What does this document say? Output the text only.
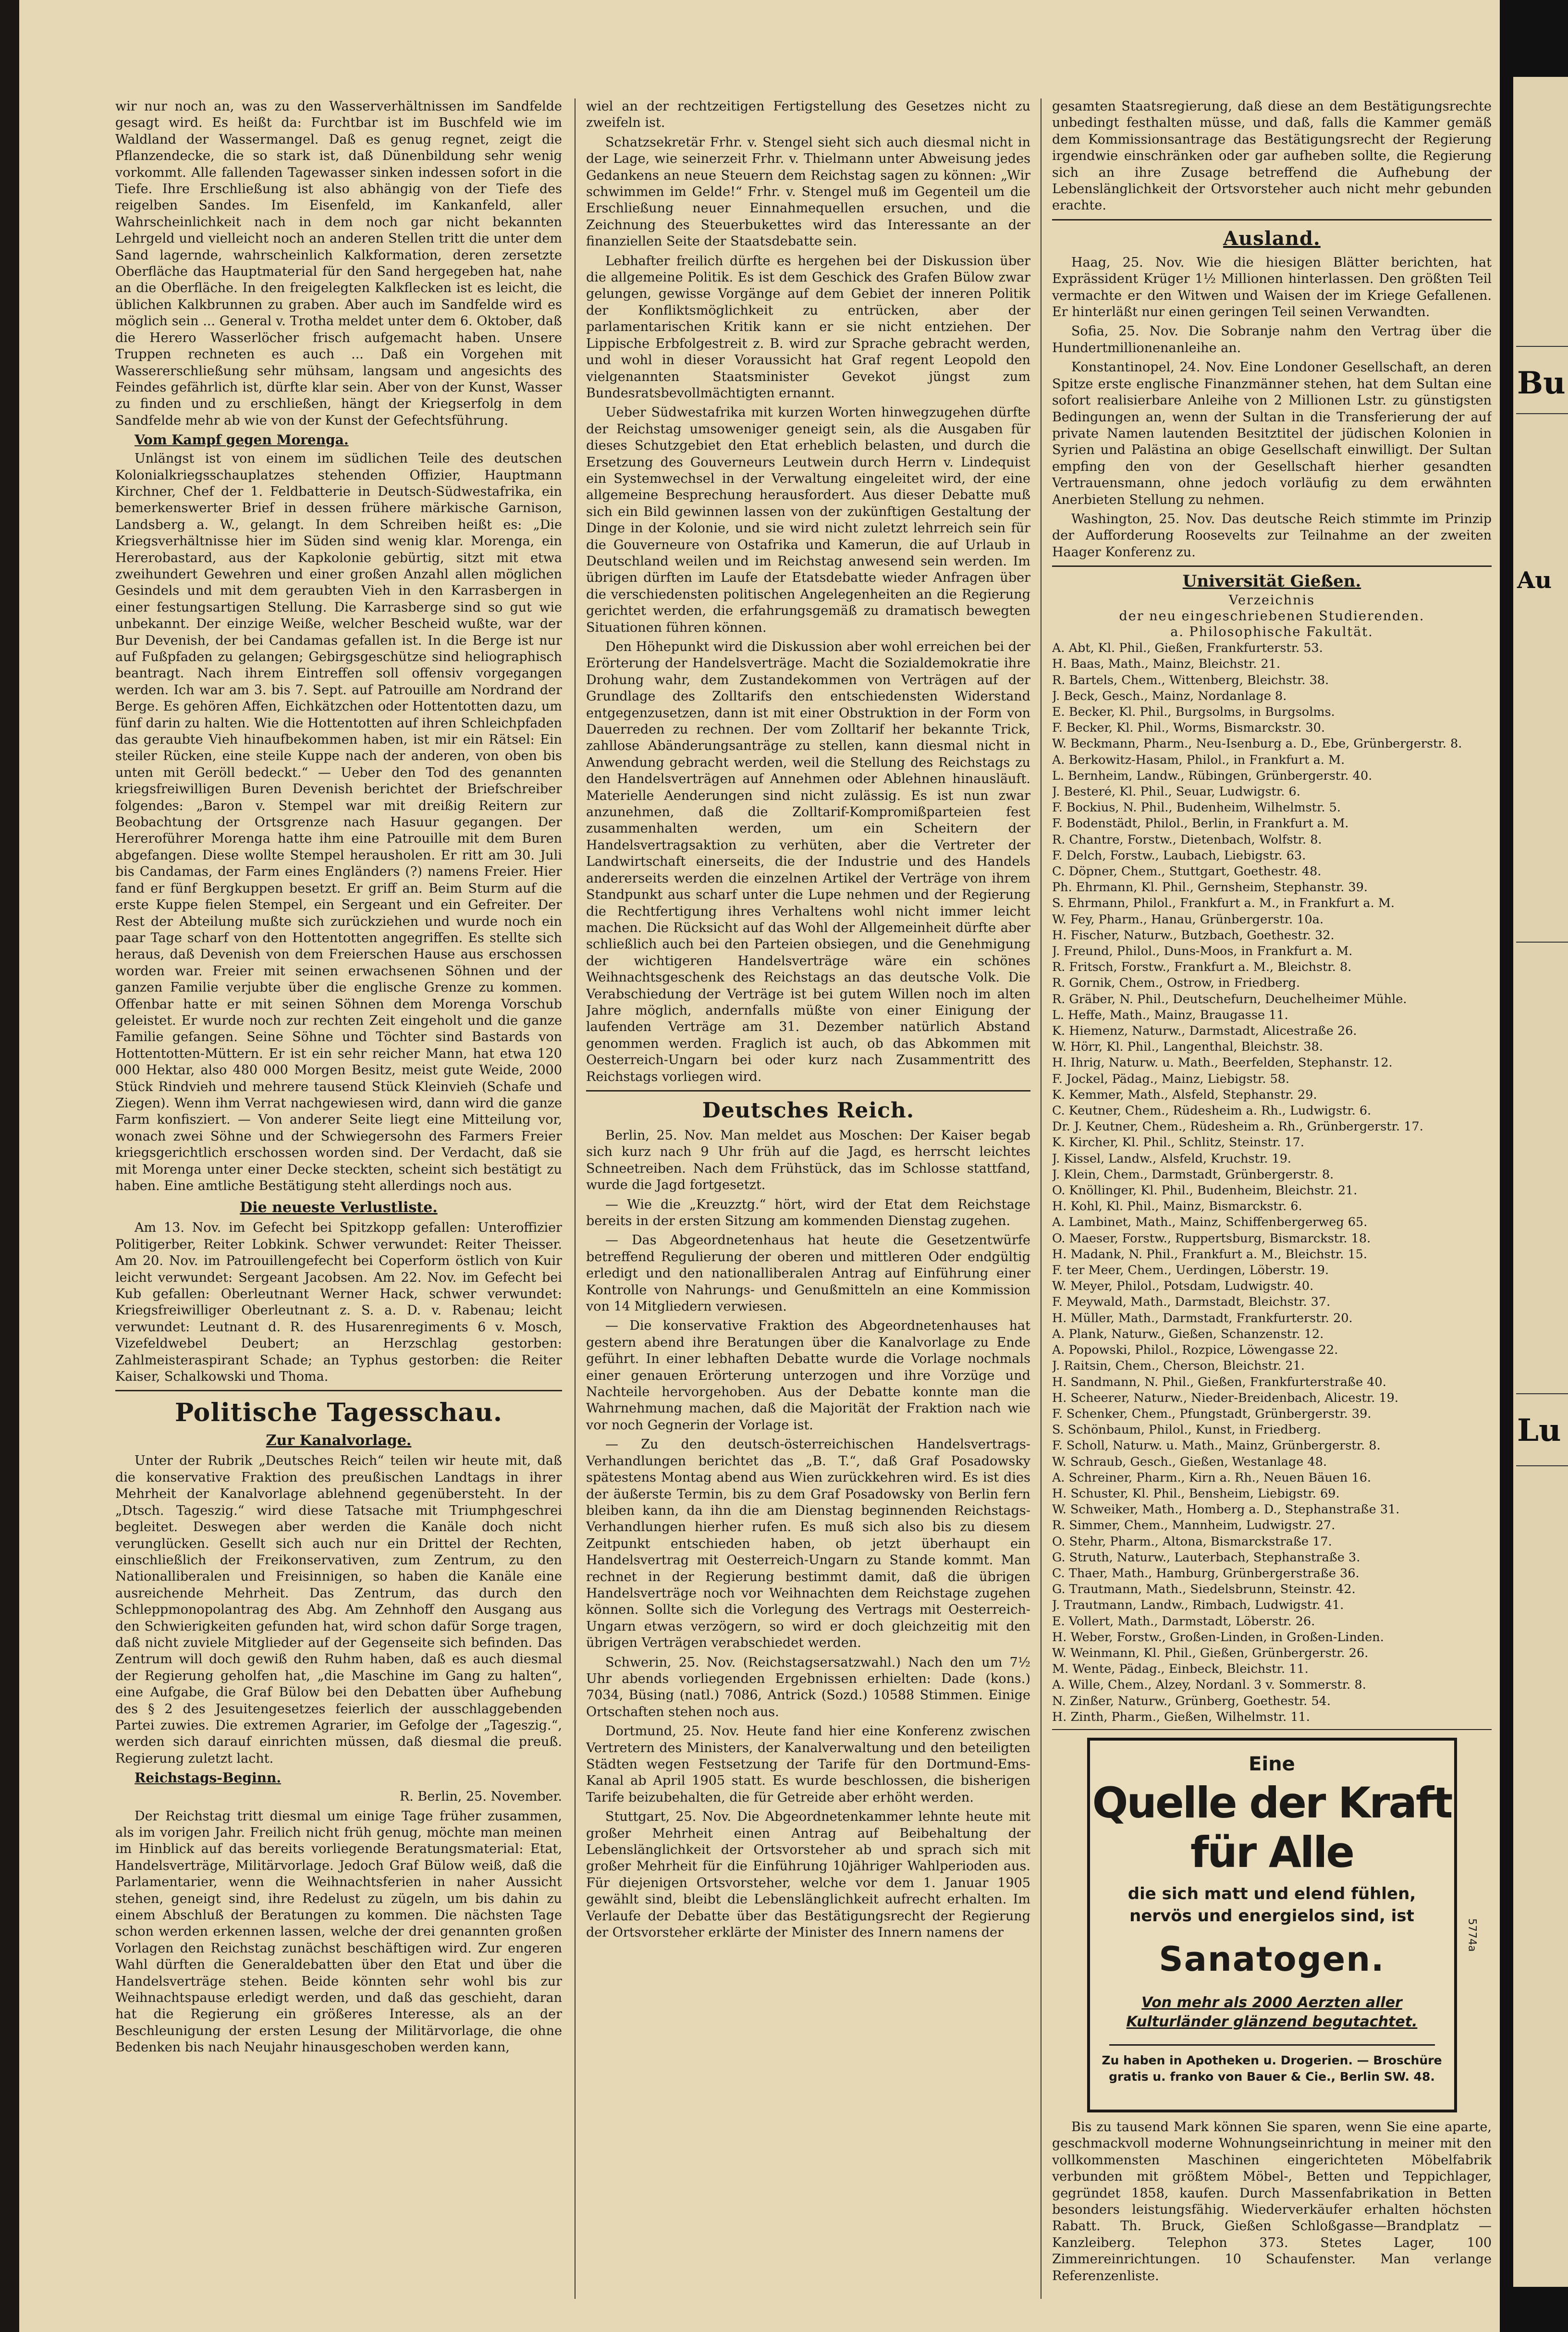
wir nur noch an, was zu den Wasserverhältnissen im Sandfelde gesagt wird. Es heißt da: Furchtbar ist im Buschfeld wie im Waldland der Wassermangel. Daß es genug regnet, zeigt die Pflanzendecke, die so stark ist, daß Dünenbildung sehr wenig vorkommt. Alle fallenden Tagewasser sinken indessen sofort in die Tiefe. Ihre Erschließung ist also abhängig von der Tiefe des reigelben Sandes. Im Eisenfeld, im Kankanfeld, aller Wahrscheinlichkeit nach in dem noch gar nicht bekannten Lehrgeld und vielleicht noch an anderen Stellen tritt die unter dem Sand lagernde, wahrscheinlich Kalkformation, deren zersetzte Oberfläche das Hauptmaterial für den Sand hergegeben hat, nahe an die Oberfläche. In den freigelegten Kalkflecken ist es leicht, die üblichen Kalkbrunnen zu graben. Aber auch im Sandfelde wird es möglich sein ... General v. Trotha meldet unter dem 6. Oktober, daß die Herero Wasserlöcher frisch aufgemacht haben. Unsere Truppen rechneten es auch ... Daß ein Vorgehen mit Wassererschließung sehr mühsam, langsam und angesichts des Feindes gefährlich ist, dürfte klar sein. Aber von der Kunst, Wasser zu finden und zu erschließen, hängt der Kriegserfolg in dem Sandfelde mehr ab wie von der Kunst der Gefechtsführung.

Vom Kampf gegen Morenga.

Unlängst ist von einem im südlichen Teile des deutschen Kolonialkriegsschauplatzes stehenden Offizier, Hauptmann Kirchner, Chef der 1. Feldbatterie in Deutsch-Südwestafrika, ein bemerkenswerter Brief in dessen frühere märkische Garnison, Landsberg a. W., gelangt. In dem Schreiben heißt es: „Die Kriegsverhältnisse hier im Süden sind wenig klar. Morenga, ein Hererobastard, aus der Kapkolonie gebürtig, sitzt mit etwa zweihundert Gewehren und einer großen Anzahl allen möglichen Gesindels und mit dem geraubten Vieh in den Karrasbergen in einer festungsartigen Stellung. Die Karrasberge sind so gut wie unbekannt. Der einzige Weiße, welcher Bescheid wußte, war der Bur Devenish, der bei Candamas gefallen ist. In die Berge ist nur auf Fußpfaden zu gelangen; Gebirgsgeschütze sind heliographisch beantragt. Nach ihrem Eintreffen soll offensiv vorgegangen werden. Ich war am 3. bis 7. Sept. auf Patrouille am Nordrand der Berge. Es gehören Affen, Eichkätzchen oder Hottentotten dazu, um fünf darin zu halten. Wie die Hottentotten auf ihren Schleichpfaden das geraubte Vieh hinaufbekommen haben, ist mir ein Rätsel: Ein steiler Rücken, eine steile Kuppe nach der anderen, von oben bis unten mit Geröll bedeckt.“ — Ueber den Tod des genannten kriegsfreiwilligen Buren Devenish berichtet der Briefschreiber folgendes: „Baron v. Stempel war mit dreißig Reitern zur Beobachtung der Ortsgrenze nach Hasuur gegangen. Der Hereroführer Morenga hatte ihm eine Patrouille mit dem Buren abgefangen. Diese wollte Stempel herausholen. Er ritt am 30. Juli bis Candamas, der Farm eines Engländers (?) namens Freier. Hier fand er fünf Bergkuppen besetzt. Er griff an. Beim Sturm auf die erste Kuppe fielen Stempel, ein Sergeant und ein Gefreiter. Der Rest der Abteilung mußte sich zurückziehen und wurde noch ein paar Tage scharf von den Hottentotten angegriffen. Es stellte sich heraus, daß Devenish von dem Freierschen Hause aus erschossen worden war. Freier mit seinen erwachsenen Söhnen und der ganzen Familie verjubte über die englische Grenze zu kommen. Offenbar hatte er mit seinen Söhnen dem Morenga Vorschub geleistet. Er wurde noch zur rechten Zeit eingeholt und die ganze Familie gefangen. Seine Söhne und Töchter sind Bastards von Hottentotten-Müttern. Er ist ein sehr reicher Mann, hat etwa 120 000 Hektar, also 480 000 Morgen Besitz, meist gute Weide, 2000 Stück Rindvieh und mehrere tausend Stück Kleinvieh (Schafe und Ziegen). Wenn ihm Verrat nachgewiesen wird, dann wird die ganze Farm konfisziert. — Von anderer Seite liegt eine Mitteilung vor, wonach zwei Söhne und der Schwiegersohn des Farmers Freier kriegsgerichtlich erschossen worden sind. Der Verdacht, daß sie mit Morenga unter einer Decke steckten, scheint sich bestätigt zu haben. Eine amtliche Bestätigung steht allerdings noch aus.

Die neueste Verlustliste.

Am 13. Nov. im Gefecht bei Spitzkopp gefallen: Unteroffizier Politigerber, Reiter Lobkink. Schwer verwundet: Reiter Theisser. Am 20. Nov. im Patrouillengefecht bei Coperform östlich von Kuir leicht verwundet: Sergeant Jacobsen. Am 22. Nov. im Gefecht bei Kub gefallen: Oberleutnant Werner Hack, schwer verwundet: Kriegsfreiwilliger Oberleutnant z. S. a. D. v. Rabenau; leicht verwundet: Leutnant d. R. des Husarenregiments 6 v. Mosch, Vizefeldwebel Deubert; an Herzschlag gestorben: Zahlmeisteraspirant Schade; an Typhus gestorben: die Reiter Kaiser, Schalkowski und Thoma.

Politische Tagesschau.
Zur Kanalvorlage.

Unter der Rubrik „Deutsches Reich“ teilen wir heute mit, daß die konservative Fraktion des preußischen Landtags in ihrer Mehrheit der Kanalvorlage ablehnend gegenübersteht. In der „Dtsch. Tageszig.“ wird diese Tatsache mit Triumphgeschrei begleitet. Deswegen aber werden die Kanäle doch nicht verunglücken. Gesellt sich auch nur ein Drittel der Rechten, einschließlich der Freikonservativen, zum Zentrum, zu den Nationalliberalen und Freisinnigen, so haben die Kanäle eine ausreichende Mehrheit. Das Zentrum, das durch den Schleppmonopolantrag des Abg. Am Zehnhoff den Ausgang aus den Schwierigkeiten gefunden hat, wird schon dafür Sorge tragen, daß nicht zuviele Mitglieder auf der Gegenseite sich befinden. Das Zentrum will doch gewiß den Ruhm haben, daß es auch diesmal der Regierung geholfen hat, „die Maschine im Gang zu halten“, eine Aufgabe, die Graf Bülow bei den Debatten über Aufhebung des § 2 des Jesuitengesetzes feierlich der ausschlaggebenden Partei zuwies. Die extremen Agrarier, im Gefolge der „Tageszig.“, werden sich darauf einrichten müssen, daß diesmal die preuß. Regierung zuletzt lacht.

Reichstags-Beginn.

R. Berlin, 25. November.

Der Reichstag tritt diesmal um einige Tage früher zusammen, als im vorigen Jahr. Freilich nicht früh genug, möchte man meinen im Hinblick auf das bereits vorliegende Beratungsmaterial: Etat, Handelsverträge, Militärvorlage. Jedoch Graf Bülow weiß, daß die Parlamentarier, wenn die Weihnachtsferien in naher Aussicht stehen, geneigt sind, ihre Redelust zu zügeln, um bis dahin zu einem Abschluß der Beratungen zu kommen. Die nächsten Tage schon werden erkennen lassen, welche der drei genannten großen Vorlagen den Reichstag zunächst beschäftigen wird. Zur engeren Wahl dürften die Generaldebatten über den Etat und über die Handelsverträge stehen. Beide könnten sehr wohl bis zur Weihnachtspause erledigt werden, und daß das geschieht, daran hat die Regierung ein größeres Interesse, als an der Beschleunigung der ersten Lesung der Militärvorlage, die ohne Bedenken bis nach Neujahr hinausgeschoben werden kann,

wiel an der rechtzeitigen Fertigstellung des Gesetzes nicht zu zweifeln ist.

Schatzsekretär Frhr. v. Stengel sieht sich auch diesmal nicht in der Lage, wie seinerzeit Frhr. v. Thielmann unter Abweisung jedes Gedankens an neue Steuern dem Reichstag sagen zu können: „Wir schwimmen im Gelde!“ Frhr. v. Stengel muß im Gegenteil um die Erschließung neuer Einnahmequellen ersuchen, und die Zeichnung des Steuerbukettes wird das Interessante an der finanziellen Seite der Staatsdebatte sein.

Lebhafter freilich dürfte es hergehen bei der Diskussion über die allgemeine Politik. Es ist dem Geschick des Grafen Bülow zwar gelungen, gewisse Vorgänge auf dem Gebiet der inneren Politik der Konfliktsmöglichkeit zu entrücken, aber der parlamentarischen Kritik kann er sie nicht entziehen. Der Lippische Erbfolgestreit z. B. wird zur Sprache gebracht werden, und wohl in dieser Voraussicht hat Graf regent Leopold den vielgenannten Staatsminister Gevekot jüngst zum Bundesratsbevollmächtigten ernannt.

Ueber Südwestafrika mit kurzen Worten hinwegzugehen dürfte der Reichstag umsoweniger geneigt sein, als die Ausgaben für dieses Schutzgebiet den Etat erheblich belasten, und durch die Ersetzung des Gouverneurs Leutwein durch Herrn v. Lindequist ein Systemwechsel in der Verwaltung eingeleitet wird, der eine allgemeine Besprechung herausfordert. Aus dieser Debatte muß sich ein Bild gewinnen lassen von der zukünftigen Gestaltung der Dinge in der Kolonie, und sie wird nicht zuletzt lehrreich sein für die Gouverneure von Ostafrika und Kamerun, die auf Urlaub in Deutschland weilen und im Reichstag anwesend sein werden. Im übrigen dürften im Laufe der Etatsdebatte wieder Anfragen über die verschiedensten politischen Angelegenheiten an die Regierung gerichtet werden, die erfahrungsgemäß zu dramatisch bewegten Situationen führen können.

Den Höhepunkt wird die Diskussion aber wohl erreichen bei der Erörterung der Handelsverträge. Macht die Sozialdemokratie ihre Drohung wahr, dem Zustandekommen von Verträgen auf der Grundlage des Zolltarifs den entschiedensten Widerstand entgegenzusetzen, dann ist mit einer Obstruktion in der Form von Dauerreden zu rechnen. Der vom Zolltarif her bekannte Trick, zahllose Abänderungsanträge zu stellen, kann diesmal nicht in Anwendung gebracht werden, weil die Stellung des Reichstags zu den Handelsverträgen auf Annehmen oder Ablehnen hinausläuft. Materielle Aenderungen sind nicht zulässig. Es ist nun zwar anzunehmen, daß die Zolltarif-Kompromißparteien fest zusammenhalten werden, um ein Scheitern der Handelsvertragsaktion zu verhüten, aber die Vertreter der Landwirtschaft einerseits, die der Industrie und des Handels andererseits werden die einzelnen Artikel der Verträge von ihrem Standpunkt aus scharf unter die Lupe nehmen und der Regierung die Rechtfertigung ihres Verhaltens wohl nicht immer leicht machen. Die Rücksicht auf das Wohl der Allgemeinheit dürfte aber schließlich auch bei den Parteien obsiegen, und die Genehmigung der wichtigeren Handelsverträge wäre ein schönes Weihnachtsgeschenk des Reichstags an das deutsche Volk. Die Verabschiedung der Verträge ist bei gutem Willen noch im alten Jahre möglich, andernfalls müßte von einer Einigung der laufenden Verträge am 31. Dezember natürlich Abstand genommen werden. Fraglich ist auch, ob das Abkommen mit Oesterreich-Ungarn bei oder kurz nach Zusammentritt des Reichstags vorliegen wird.

Deutsches Reich.

Berlin, 25. Nov. Man meldet aus Moschen: Der Kaiser begab sich kurz nach 9 Uhr früh auf die Jagd, es herrscht leichtes Schneetreiben. Nach dem Frühstück, das im Schlosse stattfand, wurde die Jagd fortgesetzt.

— Wie die „Kreuzztg.“ hört, wird der Etat dem Reichstage bereits in der ersten Sitzung am kommenden Dienstag zugehen.

— Das Abgeordnetenhaus hat heute die Gesetzentwürfe betreffend Regulierung der oberen und mittleren Oder endgültig erledigt und den nationalliberalen Antrag auf Einführung einer Kontrolle von Nahrungs- und Genußmitteln an eine Kommission von 14 Mitgliedern verwiesen.

— Die konservative Fraktion des Abgeordnetenhauses hat gestern abend ihre Beratungen über die Kanalvorlage zu Ende geführt. In einer lebhaften Debatte wurde die Vorlage nochmals einer genauen Erörterung unterzogen und ihre Vorzüge und Nachteile hervorgehoben. Aus der Debatte konnte man die Wahrnehmung machen, daß die Majorität der Fraktion nach wie vor noch Gegnerin der Vorlage ist.

— Zu den deutsch-österreichischen Handelsvertrags-Verhandlungen berichtet das „B. T.“, daß Graf Posadowsky spätestens Montag abend aus Wien zurückkehren wird. Es ist dies der äußerste Termin, bis zu dem Graf Posadowsky von Berlin fern bleiben kann, da ihn die am Dienstag beginnenden Reichstags-Verhandlungen hierher rufen. Es muß sich also bis zu diesem Zeitpunkt entschieden haben, ob jetzt überhaupt ein Handelsvertrag mit Oesterreich-Ungarn zu Stande kommt. Man rechnet in der Regierung bestimmt damit, daß die übrigen Handelsverträge noch vor Weihnachten dem Reichstage zugehen können. Sollte sich die Vorlegung des Vertrags mit Oesterreich-Ungarn etwas verzögern, so wird er doch gleichzeitig mit den übrigen Verträgen verabschiedet werden.

Schwerin, 25. Nov. (Reichstagsersatzwahl.) Nach den um 7½ Uhr abends vorliegenden Ergebnissen erhielten: Dade (kons.) 7034, Büsing (natl.) 7086, Antrick (Sozd.) 10588 Stimmen. Einige Ortschaften stehen noch aus.

Dortmund, 25. Nov. Heute fand hier eine Konferenz zwischen Vertretern des Ministers, der Kanalverwaltung und den beteiligten Städten wegen Festsetzung der Tarife für den Dortmund-Ems-Kanal ab April 1905 statt. Es wurde beschlossen, die bisherigen Tarife beizubehalten, die für Getreide aber erhöht werden.

Stuttgart, 25. Nov. Die Abgeordnetenkammer lehnte heute mit großer Mehrheit einen Antrag auf Beibehaltung der Lebenslänglichkeit der Ortsvorsteher ab und sprach sich mit großer Mehrheit für die Einführung 10jähriger Wahlperioden aus. Für diejenigen Ortsvorsteher, welche vor dem 1. Januar 1905 gewählt sind, bleibt die Lebenslänglichkeit aufrecht erhalten. Im Verlaufe der Debatte über das Bestätigungsrecht der Regierung der Ortsvorsteher erklärte der Minister des Innern namens der

gesamten Staatsregierung, daß diese an dem Bestätigungsrechte unbedingt festhalten müsse, und daß, falls die Kammer gemäß dem Kommissionsantrage das Bestätigungsrecht der Regierung irgendwie einschränken oder gar aufheben sollte, die Regierung sich an ihre Zusage betreffend die Aufhebung der Lebenslänglichkeit der Ortsvorsteher auch nicht mehr gebunden erachte.

Ausland.

Haag, 25. Nov. Wie die hiesigen Blätter berichten, hat Exprässident Krüger 1½ Millionen hinterlassen. Den größten Teil vermachte er den Witwen und Waisen der im Kriege Gefallenen. Er hinterläßt nur einen geringen Teil seinen Verwandten.

Sofia, 25. Nov. Die Sobranje nahm den Vertrag über die Hundertmillionenanleihe an.

Konstantinopel, 24. Nov. Eine Londoner Gesellschaft, an deren Spitze erste englische Finanzmänner stehen, hat dem Sultan eine sofort realisierbare Anleihe von 2 Millionen Lstr. zu günstigsten Bedingungen an, wenn der Sultan in die Transferierung der auf private Namen lautenden Besitztitel der jüdischen Kolonien in Syrien und Palästina an obige Gesellschaft einwilligt. Der Sultan empfing den von der Gesellschaft hierher gesandten Vertrauensmann, ohne jedoch vorläufig zu dem erwähnten Anerbieten Stellung zu nehmen.

Washington, 25. Nov. Das deutsche Reich stimmte im Prinzip der Aufforderung Roosevelts zur Teilnahme an der zweiten Haager Konferenz zu.

Universität Gießen.
Verzeichnis
der neu eingeschriebenen Studierenden.
a. Philosophische Fakultät.
A. Abt, Kl. Phil., Gießen, Frankfurterstr. 53.
H. Baas, Math., Mainz, Bleichstr. 21.
R. Bartels, Chem., Wittenberg, Bleichstr. 38.
J. Beck, Gesch., Mainz, Nordanlage 8.
E. Becker, Kl. Phil., Burgsolms, in Burgsolms.
F. Becker, Kl. Phil., Worms, Bismarckstr. 30.
W. Beckmann, Pharm., Neu-Isenburg a. D., Ebe, Grünbergerstr. 8.
A. Berkowitz-Hasam, Philol., in Frankfurt a. M.
L. Bernheim, Landw., Rübingen, Grünbergerstr. 40.
J. Besteré, Kl. Phil., Seuar, Ludwigstr. 6.
F. Bockius, N. Phil., Budenheim, Wilhelmstr. 5.
F. Bodenstädt, Philol., Berlin, in Frankfurt a. M.
R. Chantre, Forstw., Dietenbach, Wolfstr. 8.
F. Delch, Forstw., Laubach, Liebigstr. 63.
C. Döpner, Chem., Stuttgart, Goethestr. 48.
Ph. Ehrmann, Kl. Phil., Gernsheim, Stephanstr. 39.
S. Ehrmann, Philol., Frankfurt a. M., in Frankfurt a. M.
W. Fey, Pharm., Hanau, Grünbergerstr. 10a.
H. Fischer, Naturw., Butzbach, Goethestr. 32.
J. Freund, Philol., Duns-Moos, in Frankfurt a. M.
R. Fritsch, Forstw., Frankfurt a. M., Bleichstr. 8.
R. Gornik, Chem., Ostrow, in Friedberg.
R. Gräber, N. Phil., Deutschefurn, Deuchelheimer Mühle.
L. Heffe, Math., Mainz, Braugasse 11.
K. Hiemenz, Naturw., Darmstadt, Alicestraße 26.
W. Hörr, Kl. Phil., Langenthal, Bleichstr. 38.
H. Ihrig, Naturw. u. Math., Beerfelden, Stephanstr. 12.
F. Jockel, Pädag., Mainz, Liebigstr. 58.
K. Kemmer, Math., Alsfeld, Stephanstr. 29.
C. Keutner, Chem., Rüdesheim a. Rh., Ludwigstr. 6.
Dr. J. Keutner, Chem., Rüdesheim a. Rh., Grünbergerstr. 17.
K. Kircher, Kl. Phil., Schlitz, Steinstr. 17.
J. Kissel, Landw., Alsfeld, Kruchstr. 19.
J. Klein, Chem., Darmstadt, Grünbergerstr. 8.
O. Knöllinger, Kl. Phil., Budenheim, Bleichstr. 21.
H. Kohl, Kl. Phil., Mainz, Bismarckstr. 6.
A. Lambinet, Math., Mainz, Schiffenbergerweg 65.
O. Maeser, Forstw., Ruppertsburg, Bismarckstr. 18.
H. Madank, N. Phil., Frankfurt a. M., Bleichstr. 15.
F. ter Meer, Chem., Uerdingen, Löberstr. 19.
W. Meyer, Philol., Potsdam, Ludwigstr. 40.
F. Meywald, Math., Darmstadt, Bleichstr. 37.
H. Müller, Math., Darmstadt, Frankfurterstr. 20.
A. Plank, Naturw., Gießen, Schanzenstr. 12.
A. Popowski, Philol., Rozpice, Löwengasse 22.
J. Raitsin, Chem., Cherson, Bleichstr. 21.
H. Sandmann, N. Phil., Gießen, Frankfurterstraße 40.
H. Scheerer, Naturw., Nieder-Breidenbach, Alicestr. 19.
F. Schenker, Chem., Pfungstadt, Grünbergerstr. 39.
S. Schönbaum, Philol., Kunst, in Friedberg.
F. Scholl, Naturw. u. Math., Mainz, Grünbergerstr. 8.
W. Schraub, Gesch., Gießen, Westanlage 48.
A. Schreiner, Pharm., Kirn a. Rh., Neuen Bäuen 16.
H. Schuster, Kl. Phil., Bensheim, Liebigstr. 69.
W. Schweiker, Math., Homberg a. D., Stephanstraße 31.
R. Simmer, Chem., Mannheim, Ludwigstr. 27.
O. Stehr, Pharm., Altona, Bismarckstraße 17.
G. Struth, Naturw., Lauterbach, Stephanstraße 3.
C. Thaer, Math., Hamburg, Grünbergerstraße 36.
G. Trautmann, Math., Siedelsbrunn, Steinstr. 42.
J. Trautmann, Landw., Rimbach, Ludwigstr. 41.
E. Vollert, Math., Darmstadt, Löberstr. 26.
H. Weber, Forstw., Großen-Linden, in Großen-Linden.
W. Weinmann, Kl. Phil., Gießen, Grünbergerstr. 26.
M. Wente, Pädag., Einbeck, Bleichstr. 11.
A. Wille, Chem., Alzey, Nordanl. 3 v. Sommerstr. 8.
N. Zinßer, Naturw., Grünberg, Goethestr. 54.
H. Zinth, Pharm., Gießen, Wilhelmstr. 11.
Eine
Quelle der Kraft für Alle
die sich matt und elend fühlen,
nervös und energielos sind, ist
Sanatogen.
Von mehr als 2000 Aerzten aller
Kulturländer glänzend begutachtet.
Zu haben in Apotheken u. Drogerien. — Broschüre
gratis u. franko von Bauer & Cie., Berlin SW. 48.
5774a

Bis zu tausend Mark können Sie sparen, wenn Sie eine aparte, geschmackvoll moderne Wohnungseinrichtung in meiner mit den vollkommensten Maschinen eingerichteten Möbelfabrik verbunden mit größtem Möbel-, Betten und Teppichlager, gegründet 1858, kaufen. Durch Massenfabrikation in Betten besonders leistungsfähig. Wiederverkäufer erhalten höchsten Rabatt. Th. Bruck, Gießen Schloßgasse—Brandplatz —Kanzleiberg. Telephon 373. Stetes Lager, 100 Zimmereinrichtungen. 10 Schaufenster. Man verlange Referenzenliste.

Bu
Au
Lu
